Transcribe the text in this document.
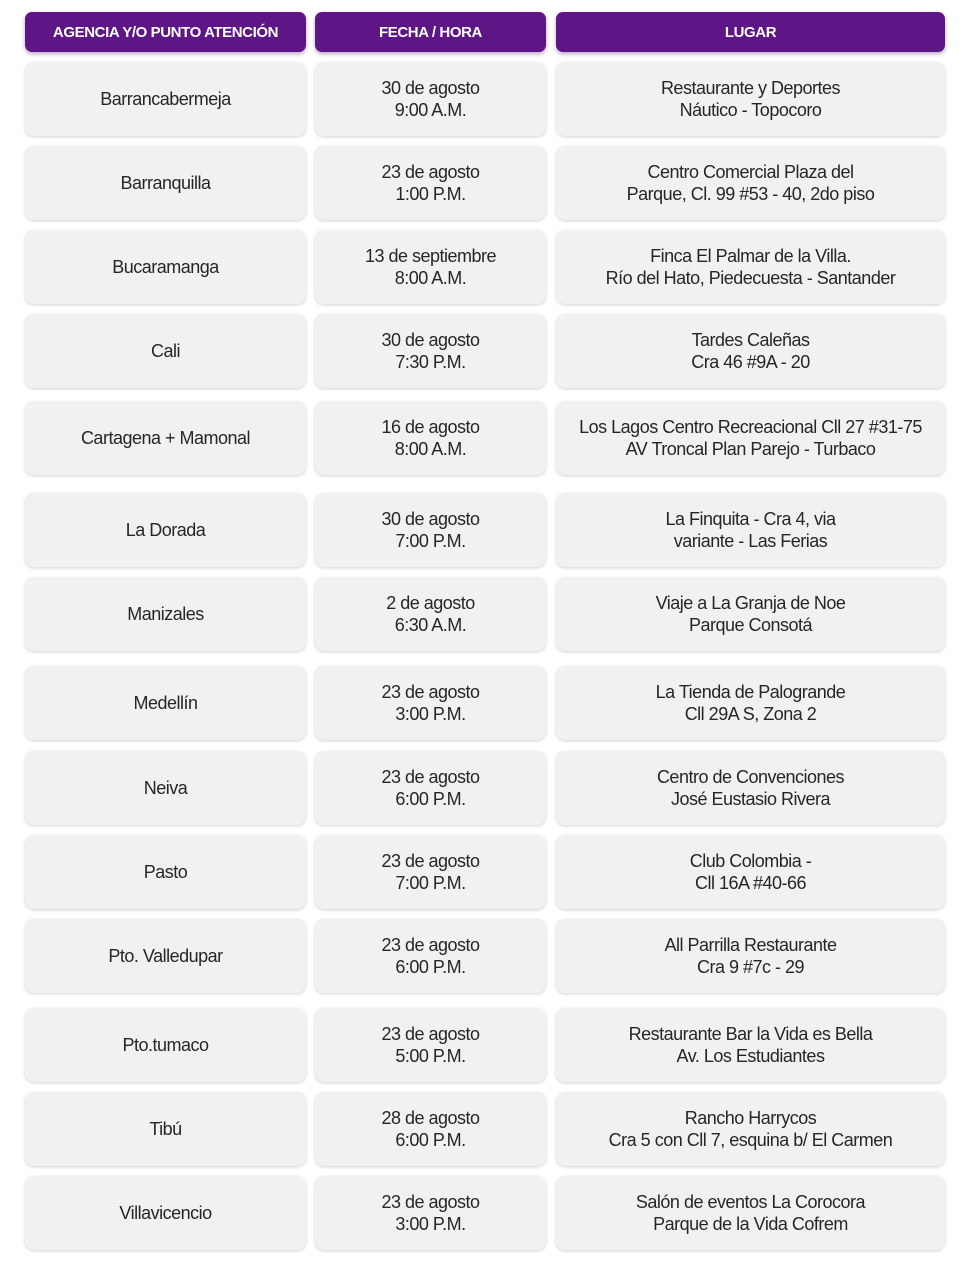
AGENCIA Y/O PUNTO ATENCIÓN	FECHA / HORA	LUGAR
Barrancabermeja
30 de agosto
9:00 A.M.
Restaurante y Deportes
Náutico - Topocoro
Barranquilla
23 de agosto
1:00 P.M.
Centro Comercial Plaza del
Parque, Cl. 99 #53 - 40, 2do piso
Bucaramanga
13 de septiembre
8:00 A.M.
Finca El Palmar de la Villa.
Río del Hato, Piedecuesta - Santander
Cali
30 de agosto
7:30 P.M.
Tardes Caleñas
Cra 46 #9A - 20
Cartagena + Mamonal
16 de agosto
8:00 A.M.
Los Lagos Centro Recreacional Cll 27 #31-75
AV Troncal Plan Parejo - Turbaco
La Dorada
30 de agosto
7:00 P.M.
La Finquita - Cra 4, via
variante - Las Ferias
Manizales
2 de agosto
6:30 A.M.
Viaje a La Granja de Noe
Parque Consotá
Medellín
23 de agosto
3:00 P.M.
La Tienda de Palogrande
Cll 29A S, Zona 2
Neiva
23 de agosto
6:00 P.M.
Centro de Convenciones
José Eustasio Rivera
Pasto
23 de agosto
7:00 P.M.
Club Colombia -
Cll 16A #40-66
Pto. Valledupar
23 de agosto
6:00 P.M.
All Parrilla Restaurante
Cra 9 #7c - 29
Pto.tumaco
23 de agosto
5:00 P.M.
Restaurante Bar la Vida es Bella
Av. Los Estudiantes
Tibú
28 de agosto
6:00 P.M.
Rancho Harrycos
Cra 5 con Cll 7, esquina b/ El Carmen
Villavicencio
23 de agosto
3:00 P.M.
Salón de eventos La Corocora
Parque de la Vida Cofrem
